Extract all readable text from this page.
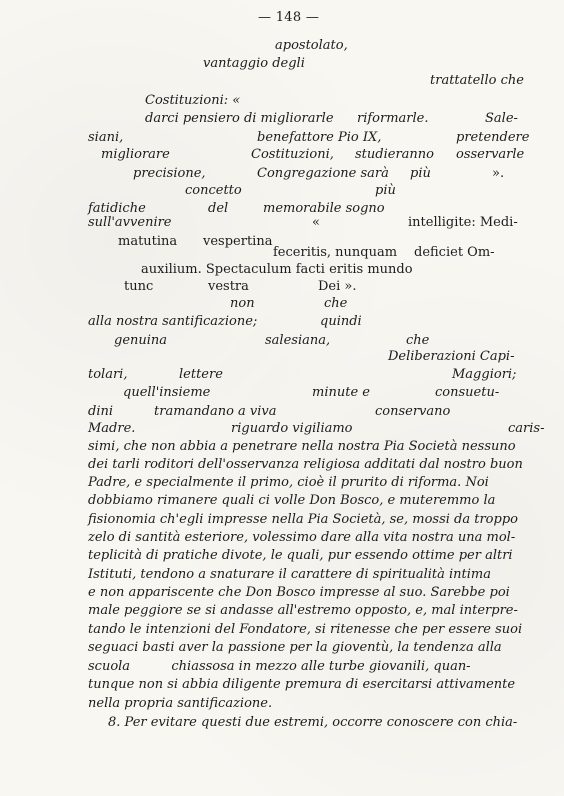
— 148 —
apostolato,
vantaggio degli
trattatello che
Costituzioni: «
darci pensiero di migliorarle riformarle.	Sale-
siani,	benefattore Pio IX,	pretendere
migliorare	Costituzioni, studieranno osservarle
precisione,	Congregazione sarà più	».
concetto	più
fatidiche	del	memorabile sogno
sull'avvenire	«	intelligite: Medi-
matutina vespertina
feceritis, nunquam deficiet Om-
auxilium. Spectaculum facti eritis mundo
tunc	vestra	Dei ».
non	che
alla nostra santificazione;	quindi
genuina	salesiana,	che
Deliberazioni Capi-
tolari,	lettere	Maggiori;
quell'insieme	minute e	consuetu-
dini	tramandano a viva	conservano
Madre.	riguardo vigiliamo	caris-
simi, che non abbia a penetrare nella nostra Pia Società nessuno
dei tarli roditori dell'osservanza religiosa additati dal nostro buon
Padre, e specialmente il primo, cioè il prurito di riforma. Noi
dobbiamo rimanere quali ci volle Don Bosco, e muteremmo la
fisionomia ch'egli impresse nella Pia Società, se, mossi da troppo
zelo di santità esteriore, volessimo dare alla vita nostra una mol-
teplicità di pratiche divote, le quali, pur essendo ottime per altri
Istituti, tendono a snaturare il carattere di spiritualità intima
e non appariscente che Don Bosco impresse al suo. Sarebbe poi
male peggiore se si andasse all'estremo opposto, e, mal interpre-
tando le intenzioni del Fondatore, si ritenesse che per essere suoi
seguaci basti aver la passione per la gioventù, la tendenza alla
scuola          chiassosa in mezzo alle turbe giovanili, quan-
tunque non si abbia diligente premura di esercitarsi attivamente
nella propria santificazione.
8. Per evitare questi due estremi, occorre conoscere con chia-
